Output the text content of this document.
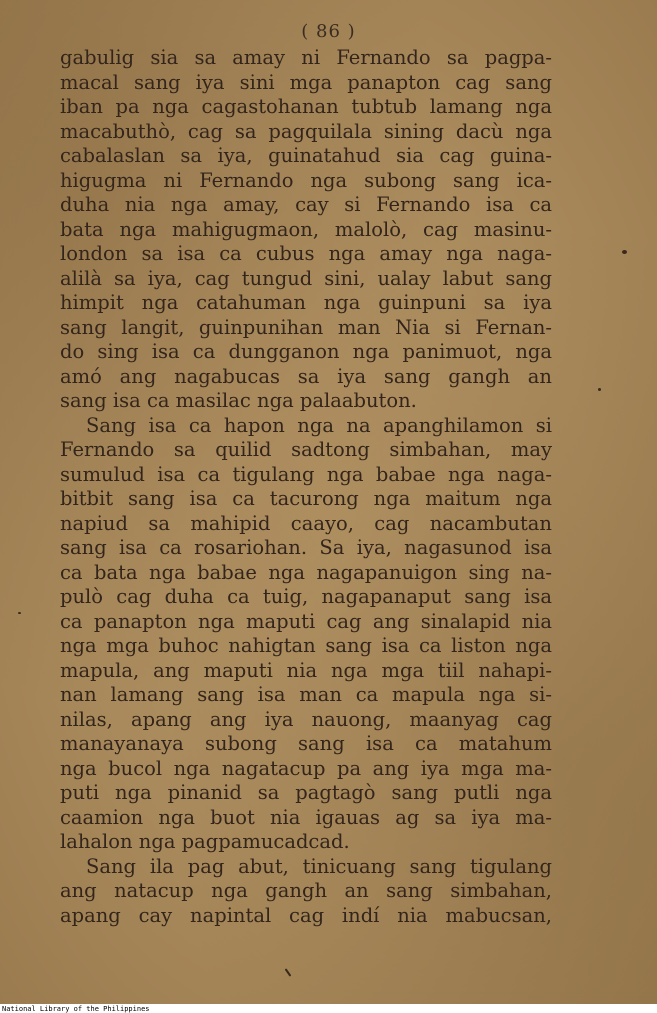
( 86 )
gabulig sia sa amay ni Fernando sa pagpa-
macal sang iya sini mga panapton cag sang
iban pa nga cagastohanan tubtub lamang nga
macabuthò, cag sa pagquilala sining dacù nga
cabalaslan sa iya, guinatahud sia cag guina-
higugma ni Fernando nga subong sang ica-
duha nia nga amay, cay si Fernando isa ca
bata nga mahigugmaon, malolò, cag masinu-
london sa isa ca cubus nga amay nga naga-
alilà sa iya, cag tungud sini, ualay labut sang
himpit nga catahuman nga guinpuni sa iya
sang langit, guinpunihan man Nia si Fernan-
do sing isa ca dungganon nga panimuot, nga
amó ang nagabucas sa iya sang gangh an
sang isa ca masilac nga palaabuton.
Sang isa ca hapon nga na apanghilamon si
Fernando sa quilid sadtong simbahan, may
sumulud isa ca tigulang nga babae nga naga-
bitbit sang isa ca tacurong nga maitum nga
napiud sa mahipid caayo, cag nacambutan
sang isa ca rosariohan. Sa iya, nagasunod isa
ca bata nga babae nga nagapanuigon sing na-
pulò cag duha ca tuig, nagapanaput sang isa
ca panapton nga maputi cag ang sinalapid nia
nga mga buhoc nahigtan sang isa ca liston nga
mapula, ang maputi nia nga mga tiil nahapi-
nan lamang sang isa man ca mapula nga si-
nilas, apang ang iya nauong, maanyag cag
manayanaya subong sang isa ca matahum
nga bucol nga nagatacup pa ang iya mga ma-
puti nga pinanid sa pagtagò sang putli nga
caamion nga buot nia igauas ag sa iya ma-
lahalon nga pagpamucadcad.
Sang ila pag abut, tinicuang sang tigulang
ang natacup nga gangh an sang simbahan,
apang cay napintal cag indí nia mabucsan,
National Library of the Philippines
